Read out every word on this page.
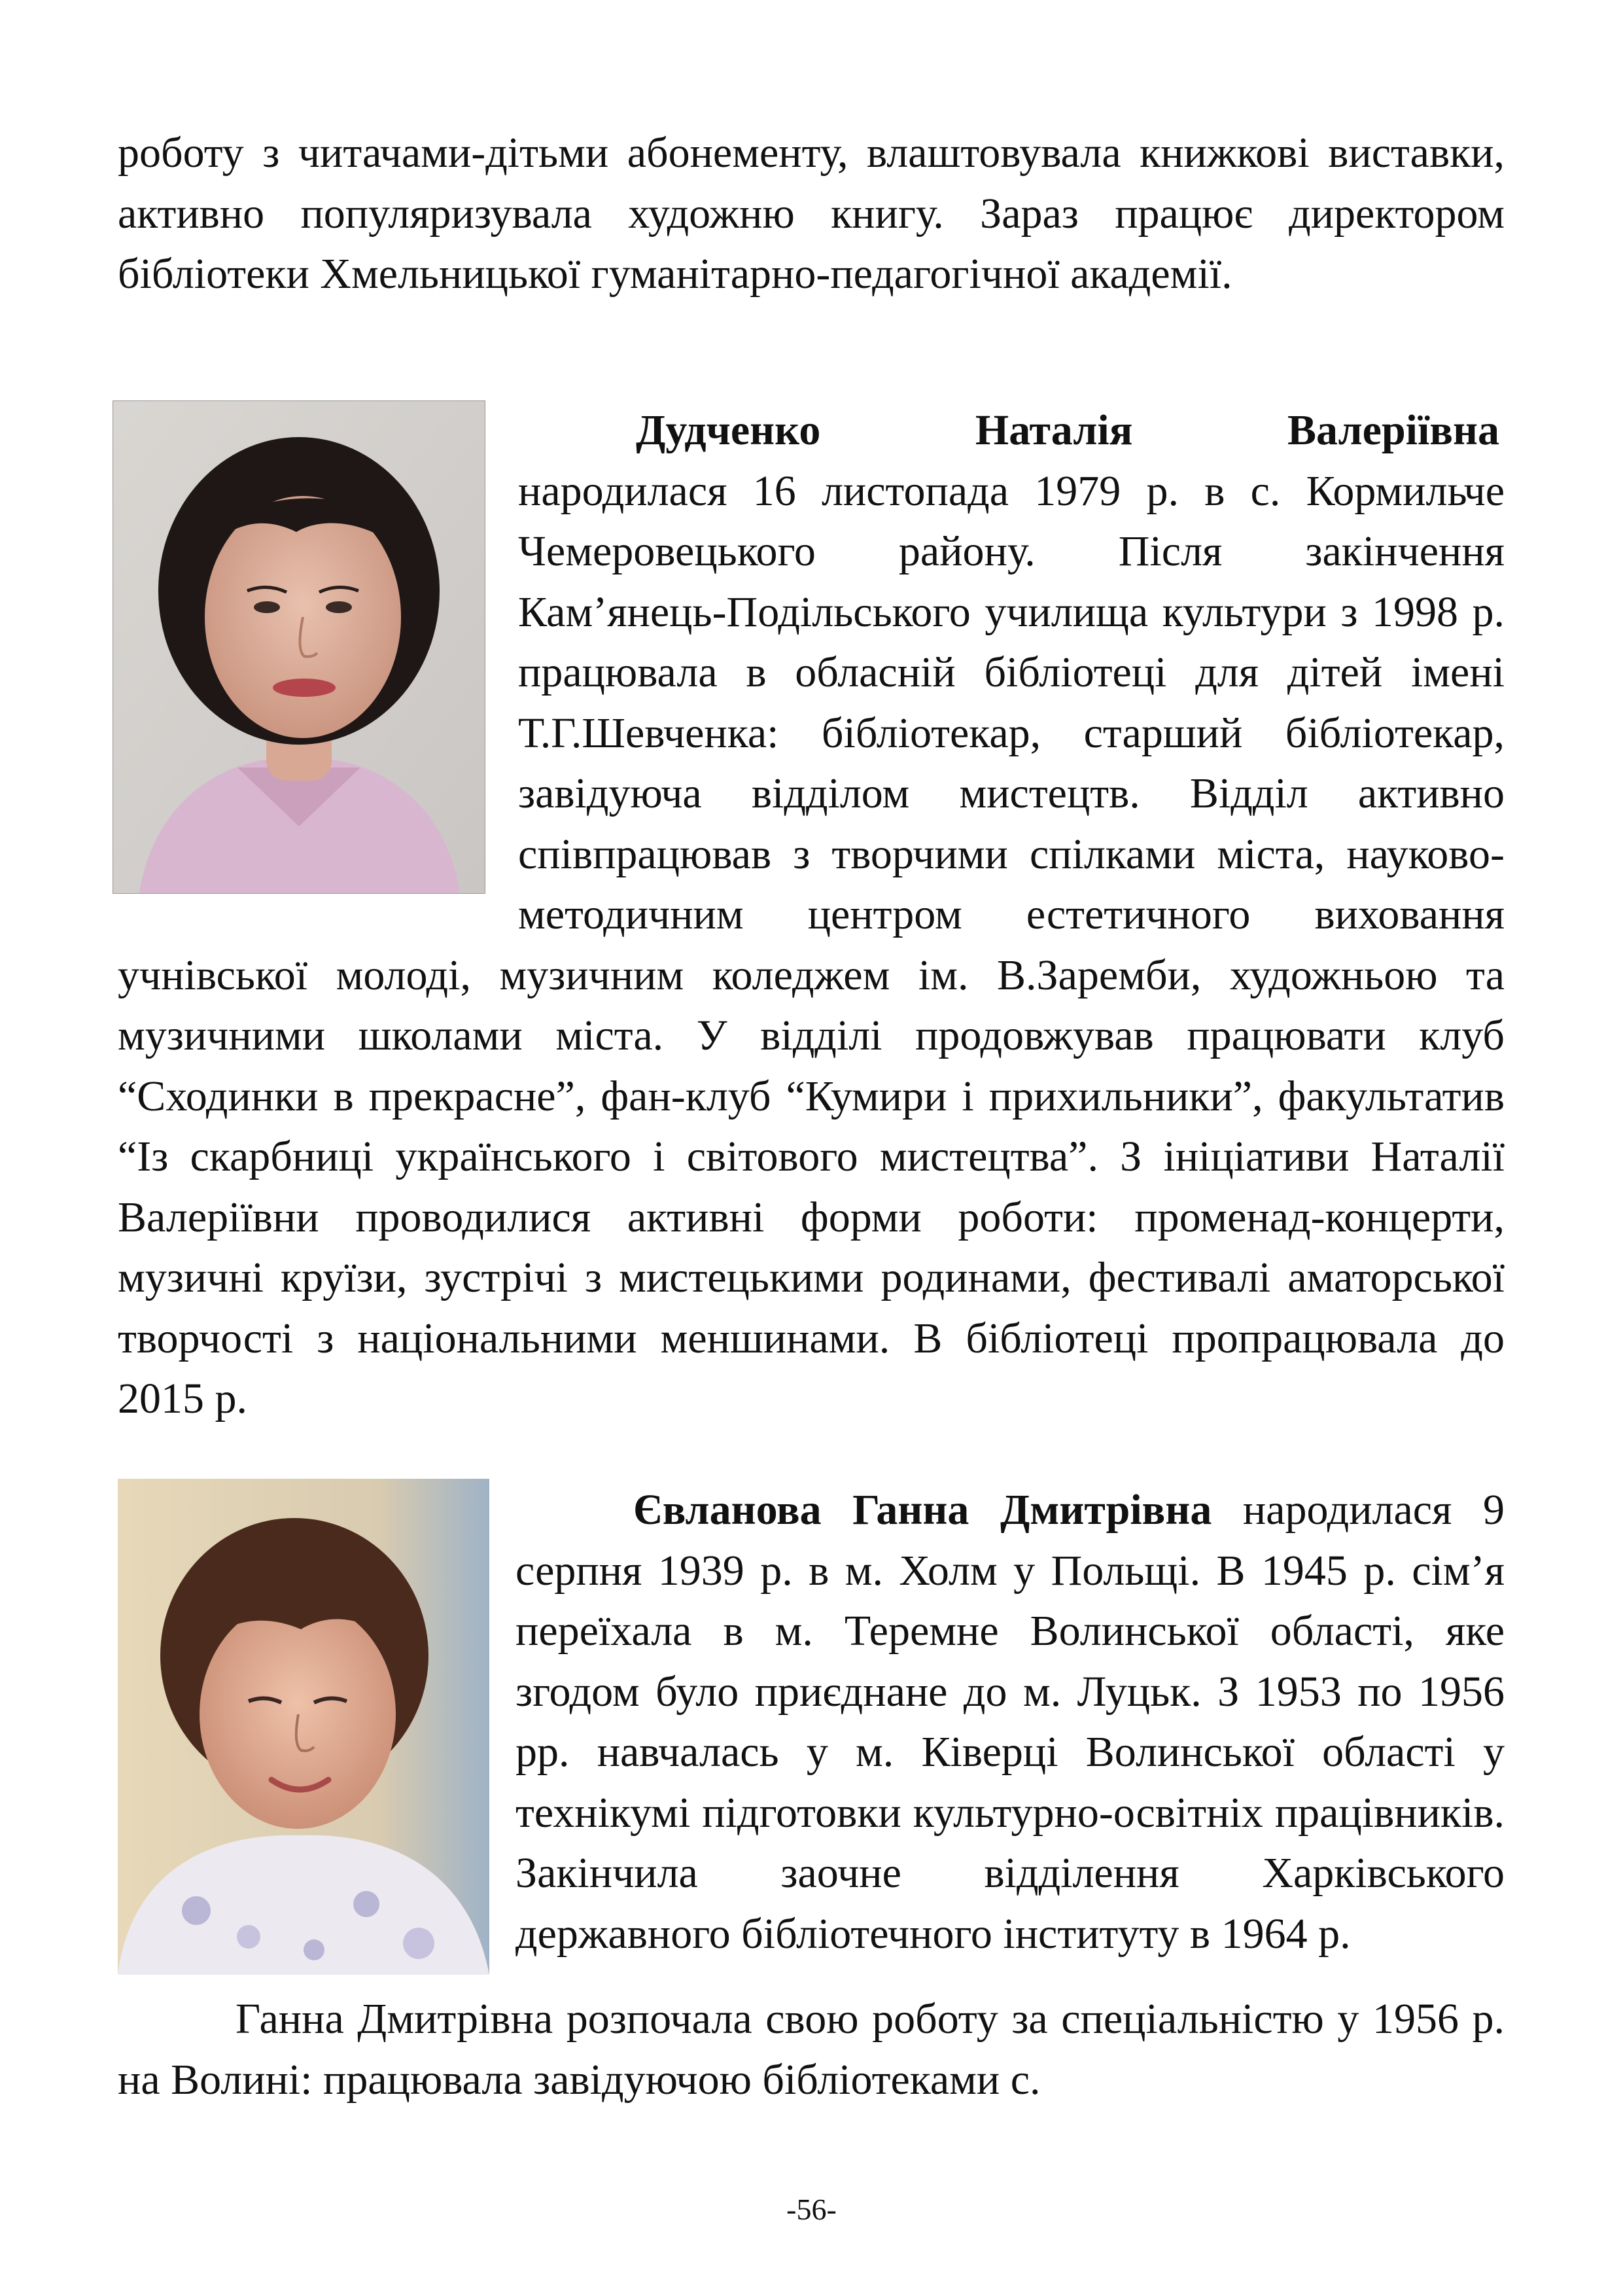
роботу з читачами-дітьми абонементу, влаштовувала книжкові виставки, активно популяризувала художню книгу. Зараз працює директором бібліотеки Хмельницької гуманітарно-педагогічної академії.

Дудченко Наталія Валеріївна народилася 16 листопада 1979 р. в с. Кормильче Чемеровецького району. Після закінчення Кам’янець-Подільського училища культури з 1998 р. працювала в обласній бібліотеці для дітей імені Т.Г.Шевченка: бібліотекар, старший бібліотекар, завідуюча відділом мистецтв. Відділ активно співпрацював з творчими спілками міста, науково-методичним центром естетичного виховання учнівської молоді, музичним коледжем ім. В.Заремби, художньою та музичними школами міста. У відділі продовжував працювати клуб “Сходинки в прекрасне”, фан-клуб “Кумири і прихильники”, факультатив “Із скарбниці українського і світового мистецтва”. З ініціативи Наталії Валеріївни проводилися активні форми роботи: променад-концерти, музичні круїзи, зустрічі з мистецькими родинами, фестивалі аматорської творчості з національними меншинами. В бібліотеці пропрацювала до 2015 р.
Євланова Ганна Дмитрівна народилася 9 серпня 1939 р. в м. Холм у Польщі. В 1945 р. сім’я переїхала в м. Теремне Волинської області, яке згодом було приєднане до м. Луцьк. З 1953 по 1956 рр. навчалась у м. Ківерці Волинської області у технікумі підготовки культурно-освітніх працівників. Закінчила заочне відділення Харківського державного бібліотечного інституту в 1964 р.

Ганна Дмитрівна розпочала свою роботу за спеціальністю у 1956 р. на Волині: працювала завідуючою бібліотеками с.

-56-
